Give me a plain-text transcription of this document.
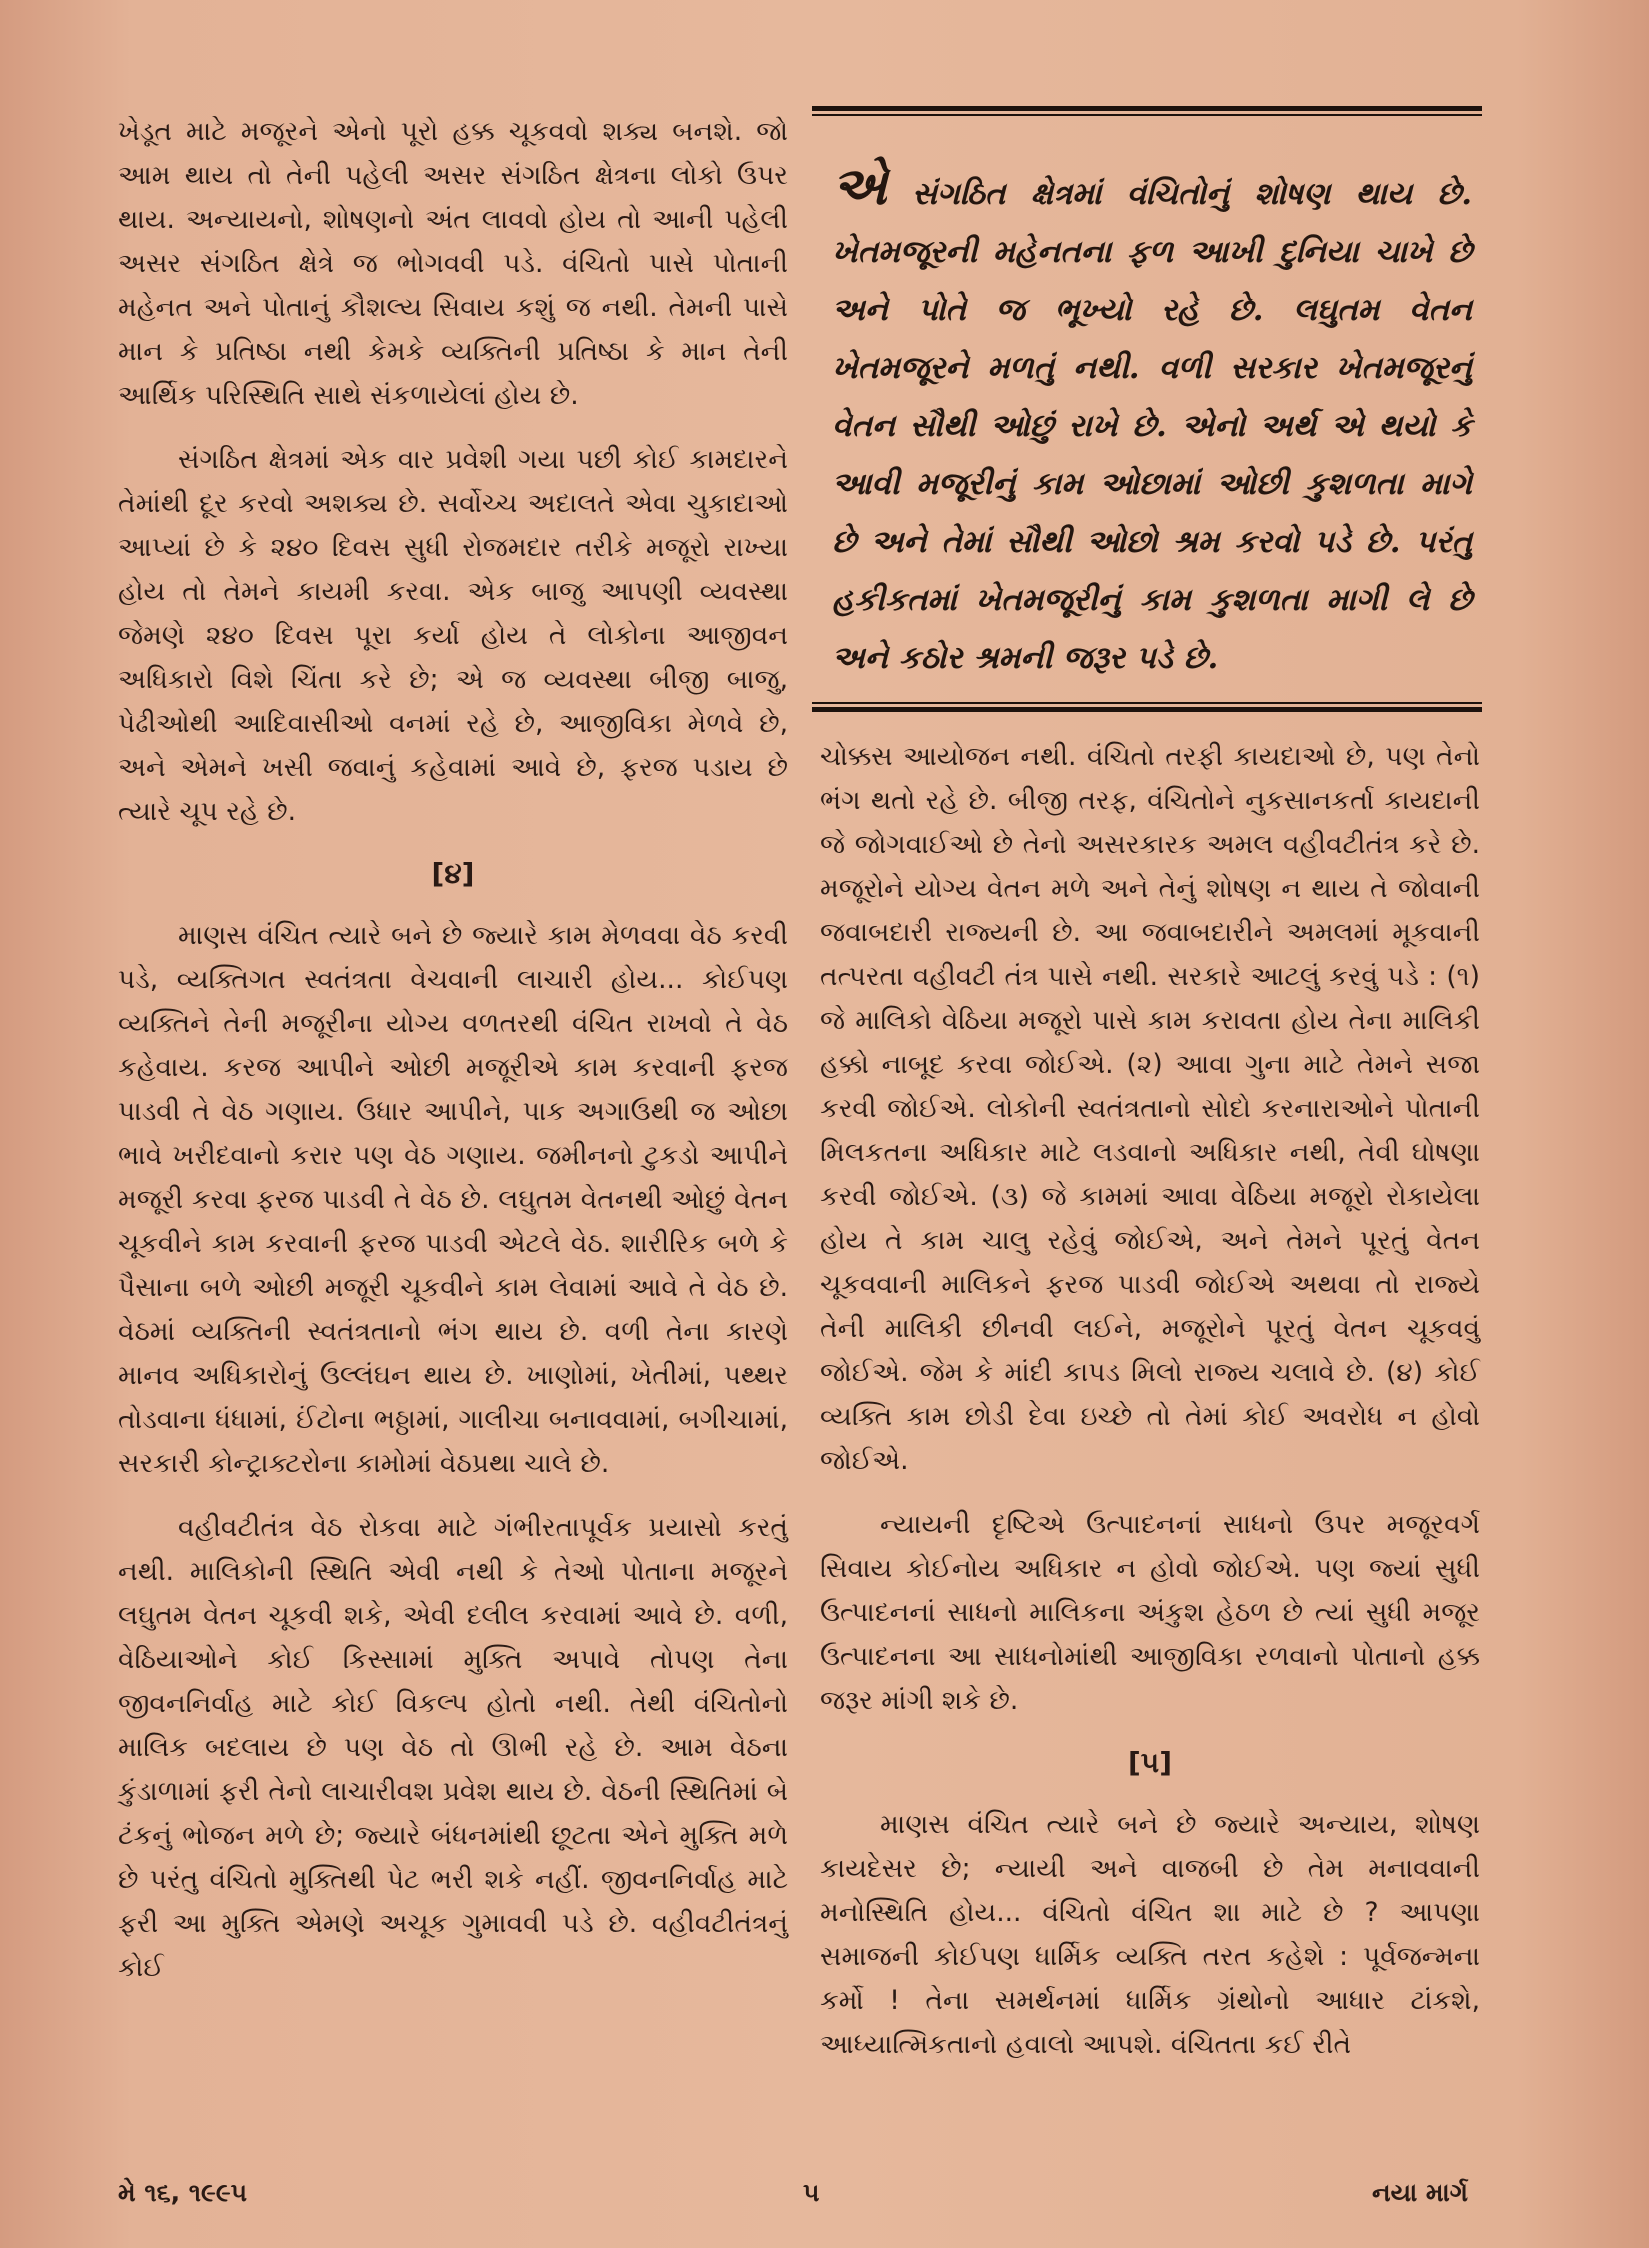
ખેડૂત માટે મજૂરને એનો પૂરો હક્ક ચૂકવવો શક્ય બનશે. જો આમ થાય તો તેની પહેલી અસર સંગઠિત ક્ષેત્રના લોકો ઉપર થાય. અન્યાયનો, શોષણનો અંત લાવવો હોય તો આની પહેલી અસર સંગઠિત ક્ષેત્રે જ ભોગવવી પડે. વંચિતો પાસે પોતાની મહેનત અને પોતાનું કૌશલ્ય સિવાય કશું જ નથી. તેમની પાસે માન કે પ્રતિષ્ઠા નથી કેમકે વ્યક્તિની પ્રતિષ્ઠા કે માન તેની આર્થિક પરિસ્થિતિ સાથે સંકળાયેલાં હોય છે.

સંગઠિત ક્ષેત્રમાં એક વાર પ્રવેશી ગયા પછી કોઈ કામદારને તેમાંથી દૂર કરવો અશક્ય છે. સર્વોચ્ચ અદાલતે એવા ચુકાદાઓ આપ્યાં છે કે ૨૪૦ દિવસ સુધી રોજમદાર તરીકે મજૂરો રાખ્યા હોય તો તેમને કાયમી કરવા. એક બાજુ આપણી વ્યવસ્થા જેમણે ૨૪૦ દિવસ પૂરા કર્યા હોય તે લોકોના આજીવન અધિકારો વિશે ચિંતા કરે છે; એ જ વ્યવસ્થા બીજી બાજુ, પેઢીઓથી આદિવાસીઓ વનમાં રહે છે, આજીવિકા મેળવે છે, અને એમને ખસી જવાનું કહેવામાં આવે છે, ફરજ પડાય છે ત્યારે ચૂપ રહે છે.

[૪]

માણસ વંચિત ત્યારે બને છે જ્યારે કામ મેળવવા વેઠ કરવી પડે, વ્યક્તિગત સ્વતંત્રતા વેચવાની લાચારી હોય... કોઈપણ વ્યક્તિને તેની મજૂરીના યોગ્ય વળતરથી વંચિત રાખવો તે વેઠ કહેવાય. કરજ આપીને ઓછી મજૂરીએ કામ કરવાની ફરજ પાડવી તે વેઠ ગણાય. ઉધાર આપીને, પાક અગાઉથી જ ઓછા ભાવે ખરીદવાનો કરાર પણ વેઠ ગણાય. જમીનનો ટુકડો આપીને મજૂરી કરવા ફરજ પાડવી તે વેઠ છે. લઘુતમ વેતનથી ઓછું વેતન ચૂકવીને કામ કરવાની ફરજ પાડવી એટલે વેઠ. શારીરિક બળે કે પૈસાના બળે ઓછી મજૂરી ચૂકવીને કામ લેવામાં આવે તે વેઠ છે. વેઠમાં વ્યક્તિની સ્વતંત્રતાનો ભંગ થાય છે. વળી તેના કારણે માનવ અધિકારોનું ઉલ્લંઘન થાય છે. ખાણોમાં, ખેતીમાં, પથ્થર તોડવાના ધંધામાં, ઈંટોના ભઠ્ઠામાં, ગાલીચા બનાવવામાં, બગીચામાં, સરકારી કોન્ટ્રાક્ટરોના કામોમાં વેઠપ્રથા ચાલે છે.

વહીવટીતંત્ર વેઠ રોકવા માટે ગંભીરતાપૂર્વક પ્રયાસો કરતું નથી. માલિકોની સ્થિતિ એવી નથી કે તેઓ પોતાના મજૂરને લઘુતમ વેતન ચૂકવી શકે, એવી દલીલ કરવામાં આવે છે. વળી, વેઠિયાઓને કોઈ કિસ્સામાં મુક્તિ અપાવે તોપણ તેના જીવનનિર્વાહ માટે કોઈ વિકલ્પ હોતો નથી. તેથી વંચિતોનો માલિક બદલાય છે પણ વેઠ તો ઊભી રહે છે. આમ વેઠના કુંડાળામાં ફરી તેનો લાચારીવશ પ્રવેશ થાય છે. વેઠની સ્થિતિમાં બે ટંકનું ભોજન મળે છે; જ્યારે બંધનમાંથી છૂટતા એને મુક્તિ મળે છે પરંતુ વંચિતો મુક્તિથી પેટ ભરી શકે નહીં. જીવનનિર્વાહ માટે ફરી આ મુક્તિ એમણે અચૂક ગુમાવવી પડે છે. વહીવટીતંત્રનું કોઈ

એ સંગઠિત ક્ષેત્રમાં વંચિતોનું શોષણ થાય છે. ખેતમજૂરની મહેનતના ફળ આખી દુનિયા ચાખે છે અને પોતે જ ભૂખ્યો રહે છે. લઘુતમ વેતન ખેતમજૂરને મળતું નથી. વળી સરકાર ખેતમજૂરનું વેતન સૌથી ઓછું રાખે છે. એનો અર્થ એ થયો કે આવી મજૂરીનું કામ ઓછામાં ઓછી કુશળતા માગે છે અને તેમાં સૌથી ઓછો શ્રમ કરવો પડે છે. પરંતુ હકીકતમાં ખેતમજૂરીનું કામ કુશળતા માગી લે છે અને કઠોર શ્રમની જરૂર પડે છે.

ચોક્કસ આયોજન નથી. વંચિતો તરફી કાયદાઓ છે, પણ તેનો ભંગ થતો રહે છે. બીજી તરફ, વંચિતોને નુકસાનકર્તા કાયદાની જે જોગવાઈઓ છે તેનો અસરકારક અમલ વહીવટીતંત્ર કરે છે. મજૂરોને યોગ્ય વેતન મળે અને તેનું શોષણ ન થાય તે જોવાની જવાબદારી રાજ્યની છે. આ જવાબદારીને અમલમાં મૂકવાની તત્પરતા વહીવટી તંત્ર પાસે નથી. સરકારે આટલું કરવું પડે : (૧) જે માલિકો વેઠિયા મજૂરો પાસે કામ કરાવતા હોય તેના માલિકી હક્કો નાબૂદ કરવા જોઈએ. (૨) આવા ગુના માટે તેમને સજા કરવી જોઈએ. લોકોની સ્વતંત્રતાનો સોદો કરનારાઓને પોતાની મિલકતના અધિકાર માટે લડવાનો અધિકાર નથી, તેવી ઘોષણા કરવી જોઈએ. (૩) જે કામમાં આવા વેઠિયા મજૂરો રોકાયેલા હોય તે કામ ચાલુ રહેવું જોઈએ, અને તેમને પૂરતું વેતન ચૂકવવાની માલિકને ફરજ પાડવી જોઈએ અથવા તો રાજ્યે તેની માલિકી છીનવી લઈને, મજૂરોને પૂરતું વેતન ચૂકવવું જોઈએ. જેમ કે માંદી કાપડ મિલો રાજ્ય ચલાવે છે. (૪) કોઈ વ્યક્તિ કામ છોડી દેવા ઇચ્છે તો તેમાં કોઈ અવરોધ ન હોવો જોઈએ.

ન્યાયની દૃષ્ટિએ ઉત્પાદનનાં સાધનો ઉપર મજૂરવર્ગ સિવાય કોઈનોય અધિકાર ન હોવો જોઈએ. પણ જ્યાં સુધી ઉત્પાદનનાં સાધનો માલિકના અંકુશ હેઠળ છે ત્યાં સુધી મજૂર ઉત્પાદનના આ સાધનોમાંથી આજીવિકા રળવાનો પોતાનો હક્ક જરૂર માંગી શકે છે.

[૫]

માણસ વંચિત ત્યારે બને છે જ્યારે અન્યાય, શોષણ કાયદેસર છે; ન્યાયી અને વાજબી છે તેમ મનાવવાની મનોસ્થિતિ હોય... વંચિતો વંચિત શા માટે છે ? આપણા સમાજની કોઈપણ ધાર્મિક વ્યક્તિ તરત કહેશે : પૂર્વજન્મના કર્મો ! તેના સમર્થનમાં ધાર્મિક ગ્રંથોનો આધાર ટાંકશે, આધ્યાત્મિકતાનો હવાલો આપશે. વંચિતતા કઈ રીતે

મે ૧૬, ૧૯૯૫	૫	નયા માર્ગ
